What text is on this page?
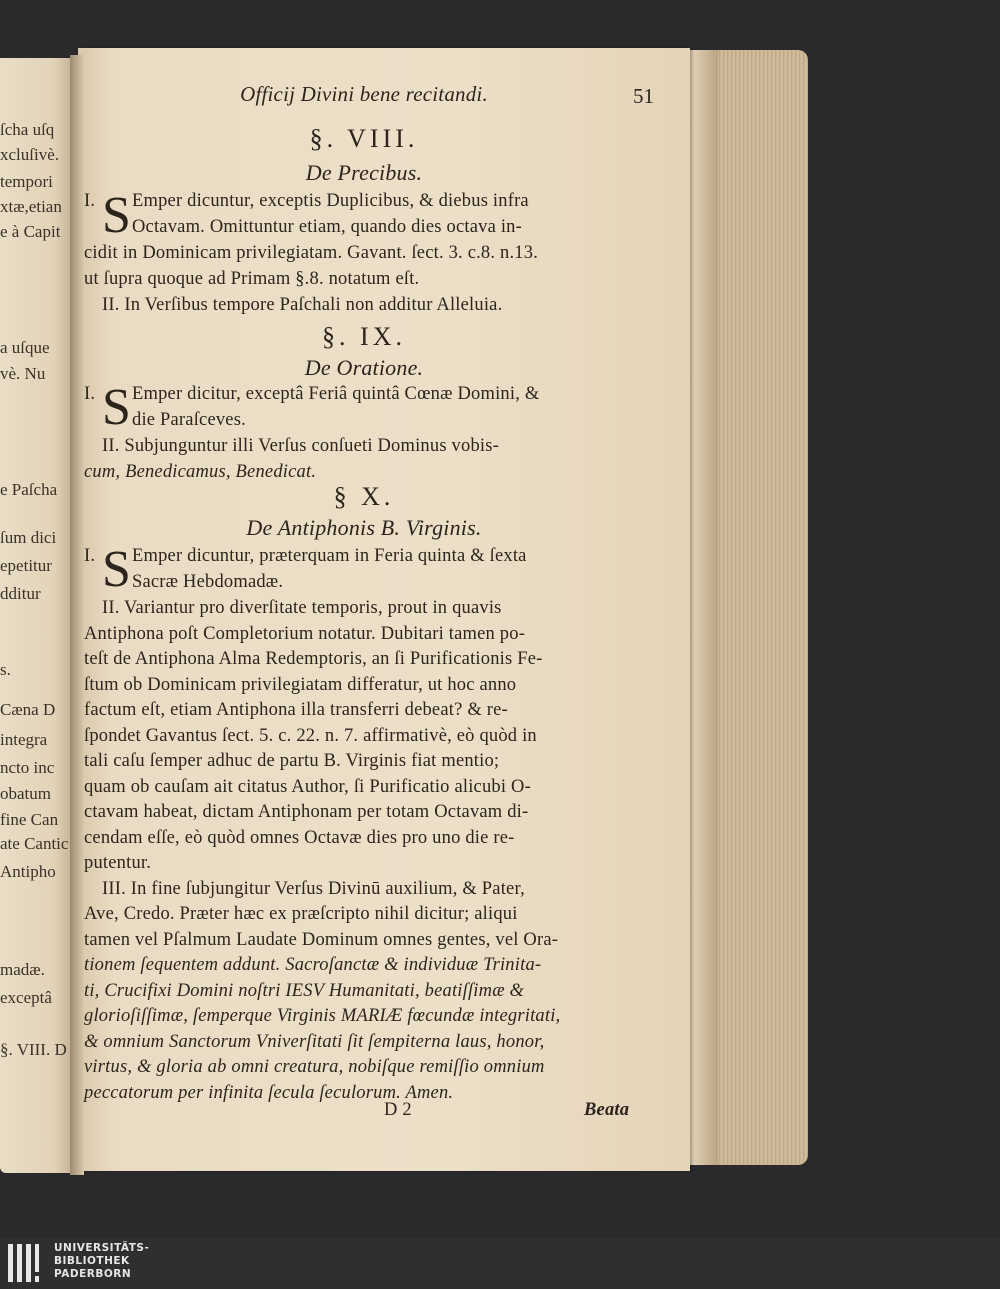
ſcha uſq
xcluſivè.
tempori
xtæ,etian
e à Capit
a uſque
vè. Nu
e Paſcha
ſum dici
epetitur
dditur
s.
Cæna D
integra
ncto inc
obatum
fine Can
ate Cantic
Antipho
madæ.
exceptâ
§. VIII. D
Officij Divini bene recitandi.	51
§. VIII.
De Precibus.
I. S Emper dicuntur, exceptis Duplicibus, & diebus infra
Octavam. Omittuntur etiam, quando dies octava in-
cidit in Dominicam privilegiatam. Gavant. ſect. 3. c.8. n.13.
ut ſupra quoque ad Primam §.8. notatum eſt.
II. In Verſibus tempore Paſchali non additur Alleluia.
§. IX.
De Oratione.
I. S Emper dicitur, exceptâ Feriâ quintâ Cœnæ Domini, &
die Paraſceves.
II. Subjunguntur illi Verſus conſueti Dominus vobis-
cum, Benedicamus, Benedicat.
§ X.
De Antiphonis B. Virginis.
I. S Emper dicuntur, præterquam in Feria quinta & ſexta
Sacræ Hebdomadæ.
II. Variantur pro diverſitate temporis, prout in quavis
Antiphona poſt Completorium notatur. Dubitari tamen po-
teſt de Antiphona Alma Redemptoris, an ſi Purificationis Fe-
ſtum ob Dominicam privilegiatam differatur, ut hoc anno
factum eſt, etiam Antiphona illa transferri debeat? & re-
ſpondet Gavantus ſect. 5. c. 22. n. 7. affirmativè, eò quòd in
tali caſu ſemper adhuc de partu B. Virginis fiat mentio;
quam ob cauſam ait citatus Author, ſi Purificatio alicubi O-
ctavam habeat, dictam Antiphonam per totam Octavam di-
cendam eſſe, eò quòd omnes Octavæ dies pro uno die re-
putentur.
III. In fine ſubjungitur Verſus Divinū auxilium, & Pater,
Ave, Credo. Præter hæc ex præſcripto nihil dicitur; aliqui
tamen vel Pſalmum Laudate Dominum omnes gentes, vel Ora-
tionem ſequentem addunt. Sacroſanctæ & individuæ Trinita-
ti, Crucifixi Domini noſtri IESV Humanitati, beatiſſimæ &
glorioſiſſimæ, ſemperque Virginis MARIÆ fœcundæ integritati,
& omnium Sanctorum Vniverſitati ſit ſempiterna laus, honor,
virtus, & gloria ab omni creatura, nobiſque remiſſio omnium
peccatorum per infinita ſecula ſeculorum. Amen.
D 2	Beata
UNIVERSITÄTS-
BIBLIOTHEK
PADERBORN
